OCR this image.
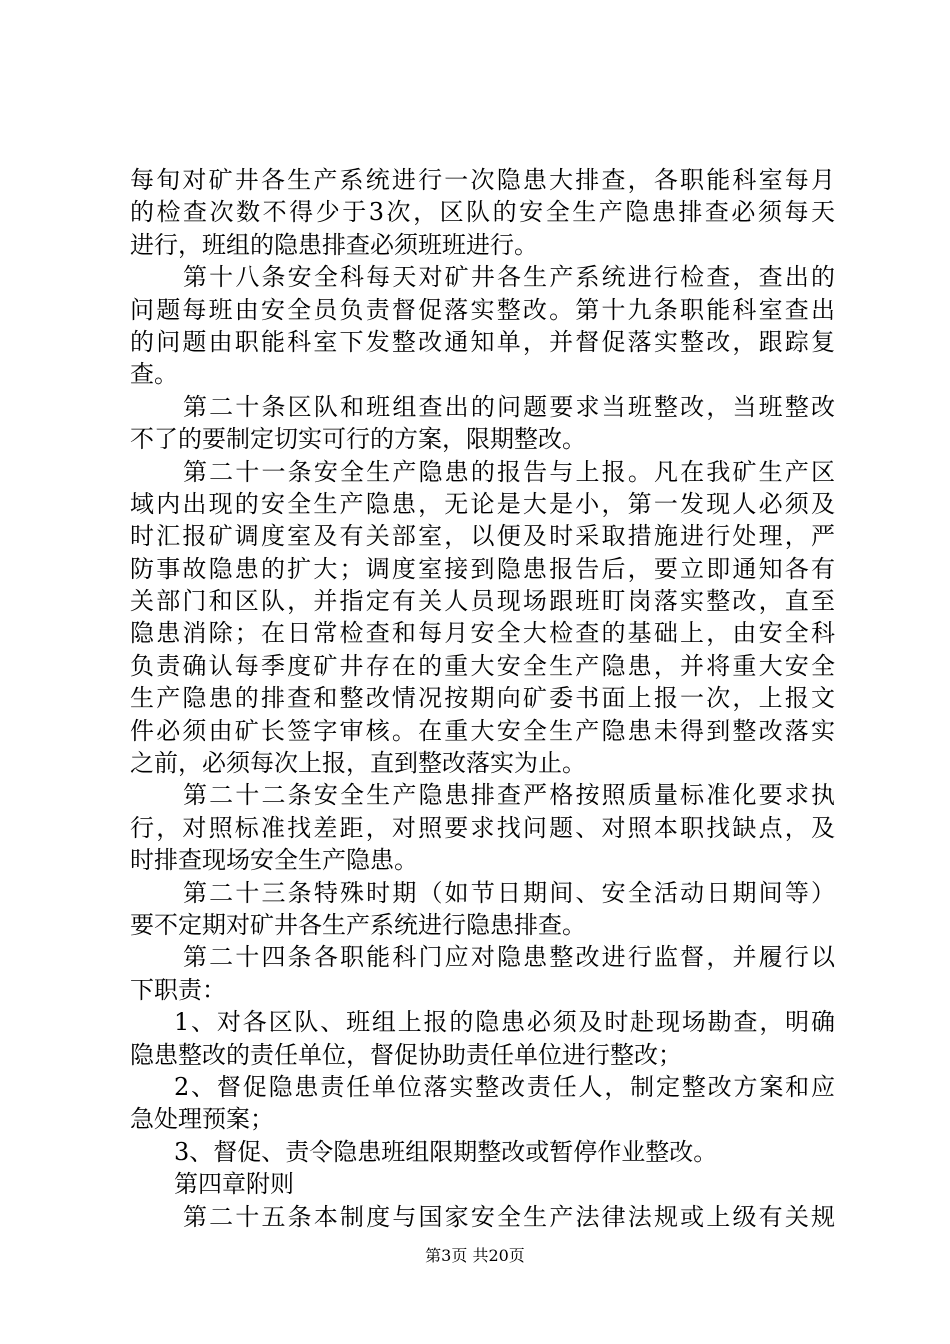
每旬对矿井各生产系统进行一次隐患大排查，各职能科室每月
的检查次数不得少于3次，区队的安全生产隐患排查必须每天
进行，班组的隐患排查必须班班进行。
第十八条安全科每天对矿井各生产系统进行检查，查出的
问题每班由安全员负责督促落实整改。第十九条职能科室查出
的问题由职能科室下发整改通知单，并督促落实整改，跟踪复
查。
第二十条区队和班组查出的问题要求当班整改，当班整改
不了的要制定切实可行的方案，限期整改。
第二十一条安全生产隐患的报告与上报。凡在我矿生产区
域内出现的安全生产隐患，无论是大是小，第一发现人必须及
时汇报矿调度室及有关部室，以便及时采取措施进行处理，严
防事故隐患的扩大；调度室接到隐患报告后，要立即通知各有
关部门和区队，并指定有关人员现场跟班盯岗落实整改，直至
隐患消除；在日常检查和每月安全大检查的基础上，由安全科
负责确认每季度矿井存在的重大安全生产隐患，并将重大安全
生产隐患的排查和整改情况按期向矿委书面上报一次，上报文
件必须由矿长签字审核。在重大安全生产隐患未得到整改落实
之前，必须每次上报，直到整改落实为止。
第二十二条安全生产隐患排查严格按照质量标准化要求执
行，对照标准找差距，对照要求找问题、对照本职找缺点，及
时排查现场安全生产隐患。
第二十三条特殊时期（如节日期间、安全活动日期间等）
要不定期对矿井各生产系统进行隐患排查。
第二十四条各职能科门应对隐患整改进行监督，并履行以
下职责：
1、对各区队、班组上报的隐患必须及时赴现场勘查，明确
隐患整改的责任单位，督促协助责任单位进行整改；
2、督促隐患责任单位落实整改责任人，制定整改方案和应
急处理预案；
3、督促、责令隐患班组限期整改或暂停作业整改。
第四章附则
第二十五条本制度与国家安全生产法律法规或上级有关规
第3页 共20页
